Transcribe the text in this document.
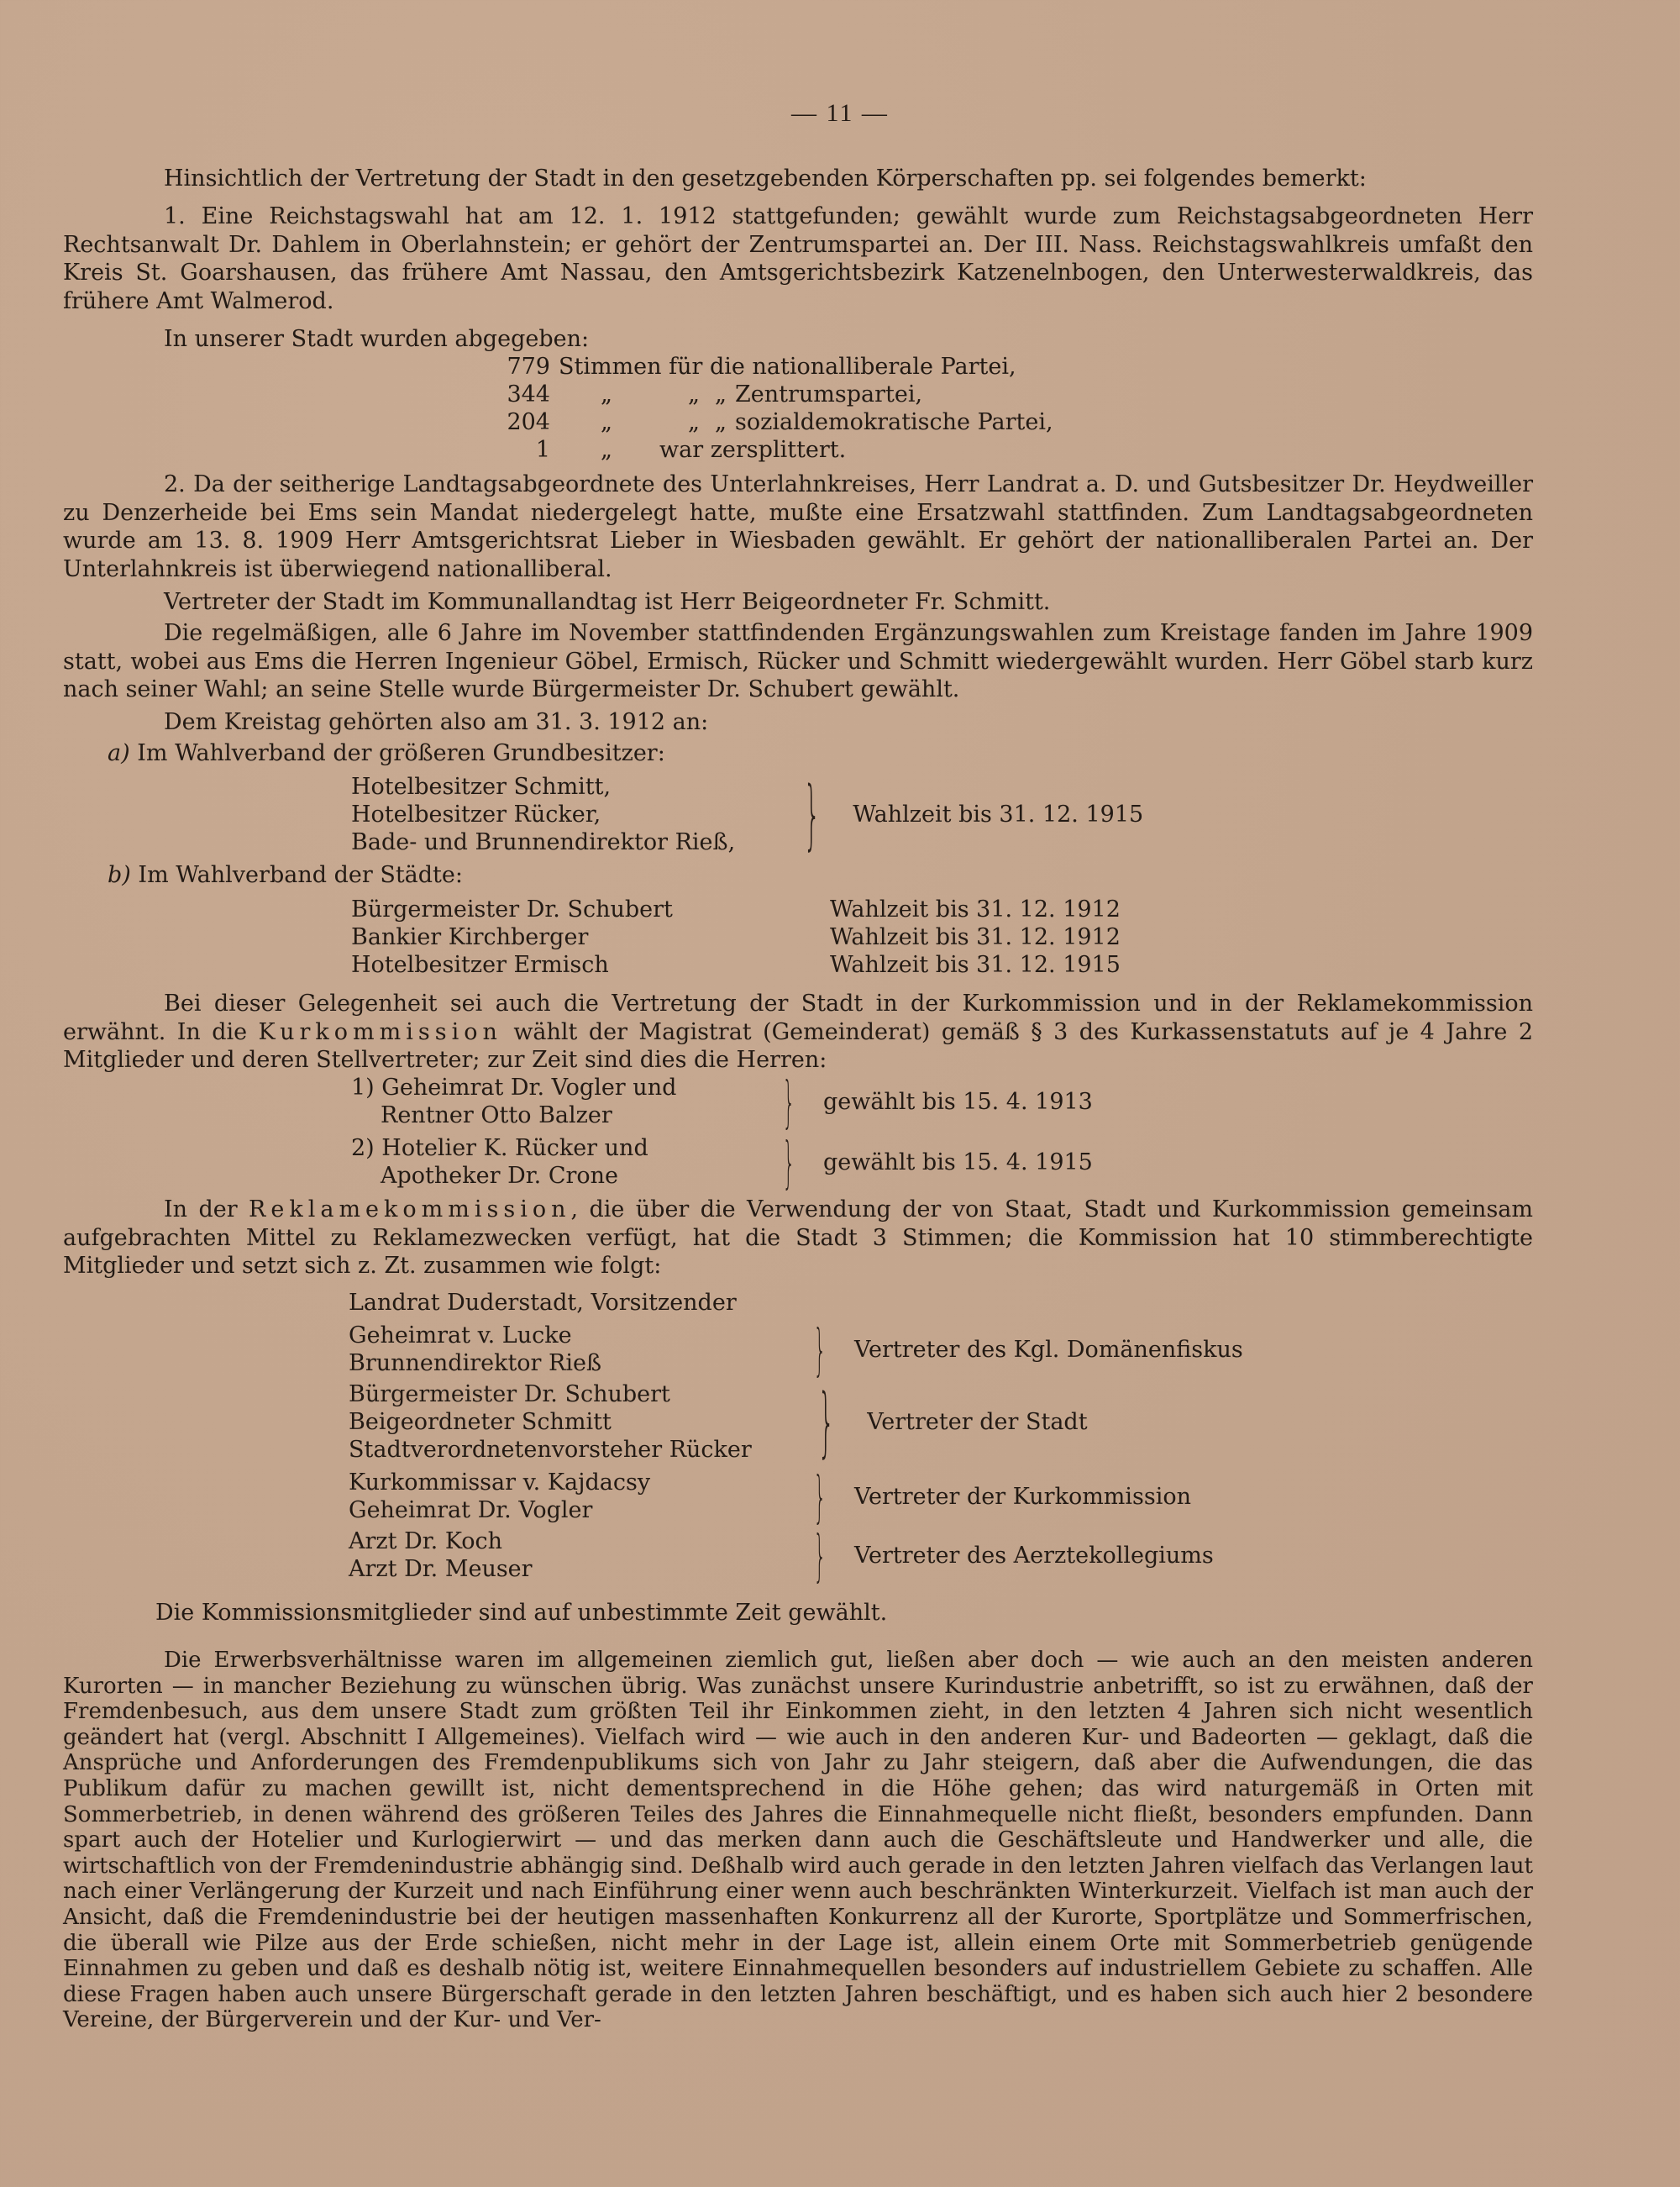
— 11 —
Hinsichtlich der Vertretung der Stadt in den gesetzgebenden Körperschaften pp. sei folgendes bemerkt:
1. Eine Reichstagswahl hat am 12. 1. 1912 stattgefunden; gewählt wurde zum Reichstagsabgeordneten Herr Rechtsanwalt Dr. Dahlem in Oberlahnstein; er gehört der Zentrumspartei an. Der III. Nass. Reichstagswahlkreis umfaßt den Kreis St. Goarshausen, das frühere Amt Nassau, den Amtsgerichtsbezirk Katzenelnbogen, den Unterwesterwaldkreis, das frühere Amt Walmerod.
In unserer Stadt wurden abgegeben:
779 Stimmen für die nationalliberale Partei,
344	„	„ „ Zentrumspartei,
204	„	„ „ sozialdemokratische Partei,
1	„ war zersplittert.
2. Da der seitherige Landtagsabgeordnete des Unterlahnkreises, Herr Landrat a. D. und Gutsbesitzer Dr. Heydweiller zu Denzerheide bei Ems sein Mandat niedergelegt hatte, mußte eine Ersatzwahl stattfinden. Zum Landtagsabgeordneten wurde am 13. 8. 1909 Herr Amtsgerichtsrat Lieber in Wiesbaden gewählt. Er gehört der nationalliberalen Partei an. Der Unterlahnkreis ist überwiegend nationalliberal.
Vertreter der Stadt im Kommunallandtag ist Herr Beigeordneter Fr. Schmitt.
Die regelmäßigen, alle 6 Jahre im November stattfindenden Ergänzungswahlen zum Kreistage fanden im Jahre 1909 statt, wobei aus Ems die Herren Ingenieur Göbel, Ermisch, Rücker und Schmitt wiedergewählt wurden. Herr Göbel starb kurz nach seiner Wahl; an seine Stelle wurde Bürgermeister Dr. Schubert gewählt.
Dem Kreistag gehörten also am 31. 3. 1912 an:
a) Im Wahlverband der größeren Grundbesitzer:
Hotelbesitzer Schmitt,
Hotelbesitzer Rücker,
Bade- und Brunnendirektor Rieß, } Wahlzeit bis 31. 12. 1915
b) Im Wahlverband der Städte:
Bürgermeister Dr. Schubert	Wahlzeit bis 31. 12. 1912
Bankier Kirchberger	Wahlzeit bis 31. 12. 1912
Hotelbesitzer Ermisch	Wahlzeit bis 31. 12. 1915
Bei dieser Gelegenheit sei auch die Vertretung der Stadt in der Kurkommission und in der Reklamekommission erwähnt. In die Kurkommission wählt der Magistrat (Gemeinderat) gemäß § 3 des Kurkassenstatuts auf je 4 Jahre 2 Mitglieder und deren Stellvertreter; zur Zeit sind dies die Herren:
1) Geheimrat Dr. Vogler und
Rentner Otto Balzer	} gewählt bis 15. 4. 1913
2) Hotelier K. Rücker und
Apotheker Dr. Crone	} gewählt bis 15. 4. 1915
In der Reklamekommission, die über die Verwendung der von Staat, Stadt und Kurkommission gemeinsam aufgebrachten Mittel zu Reklamezwecken verfügt, hat die Stadt 3 Stimmen; die Kommission hat 10 stimmberechtigte Mitglieder und setzt sich z. Zt. zusammen wie folgt:
Landrat Duderstadt, Vorsitzender
Geheimrat v. Lucke
Brunnendirektor Rieß	} Vertreter des Kgl. Domänenfiskus
Bürgermeister Dr. Schubert
Beigeordneter Schmitt
Stadtverordnetenvorsteher Rücker } Vertreter der Stadt
Kurkommissar v. Kajdacsy
Geheimrat Dr. Vogler	} Vertreter der Kurkommission
Arzt Dr. Koch
Arzt Dr. Meuser	} Vertreter des Aerztekollegiums
Die Kommissionsmitglieder sind auf unbestimmte Zeit gewählt.
Die Erwerbsverhältnisse waren im allgemeinen ziemlich gut, ließen aber doch — wie auch an den meisten anderen Kurorten — in mancher Beziehung zu wünschen übrig. Was zunächst unsere Kurindustrie anbetrifft, so ist zu erwähnen, daß der Fremdenbesuch, aus dem unsere Stadt zum größten Teil ihr Einkommen zieht, in den letzten 4 Jahren sich nicht wesentlich geändert hat (vergl. Abschnitt I Allgemeines). Vielfach wird — wie auch in den anderen Kur- und Badeorten — geklagt, daß die Ansprüche und Anforderungen des Fremdenpublikums sich von Jahr zu Jahr steigern, daß aber die Aufwendungen, die das Publikum dafür zu machen gewillt ist, nicht dementsprechend in die Höhe gehen; das wird naturgemäß in Orten mit Sommerbetrieb, in denen während des größeren Teiles des Jahres die Einnahmequelle nicht fließt, besonders empfunden. Dann spart auch der Hotelier und Kurlogierwirt — und das merken dann auch die Geschäftsleute und Handwerker und alle, die wirtschaftlich von der Fremdenindustrie abhängig sind. Deßhalb wird auch gerade in den letzten Jahren vielfach das Verlangen laut nach einer Verlängerung der Kurzeit und nach Einführung einer wenn auch beschränkten Winterkurzeit. Vielfach ist man auch der Ansicht, daß die Fremdenindustrie bei der heutigen massenhaften Konkurrenz all der Kurorte, Sportplätze und Sommerfrischen, die überall wie Pilze aus der Erde schießen, nicht mehr in der Lage ist, allein einem Orte mit Sommerbetrieb genügende Einnahmen zu geben und daß es deshalb nötig ist, weitere Einnahmequellen besonders auf industriellem Gebiete zu schaffen. Alle diese Fragen haben auch unsere Bürgerschaft gerade in den letzten Jahren beschäftigt, und es haben sich auch hier 2 besondere Vereine, der Bürgerverein und der Kur- und Ver-
